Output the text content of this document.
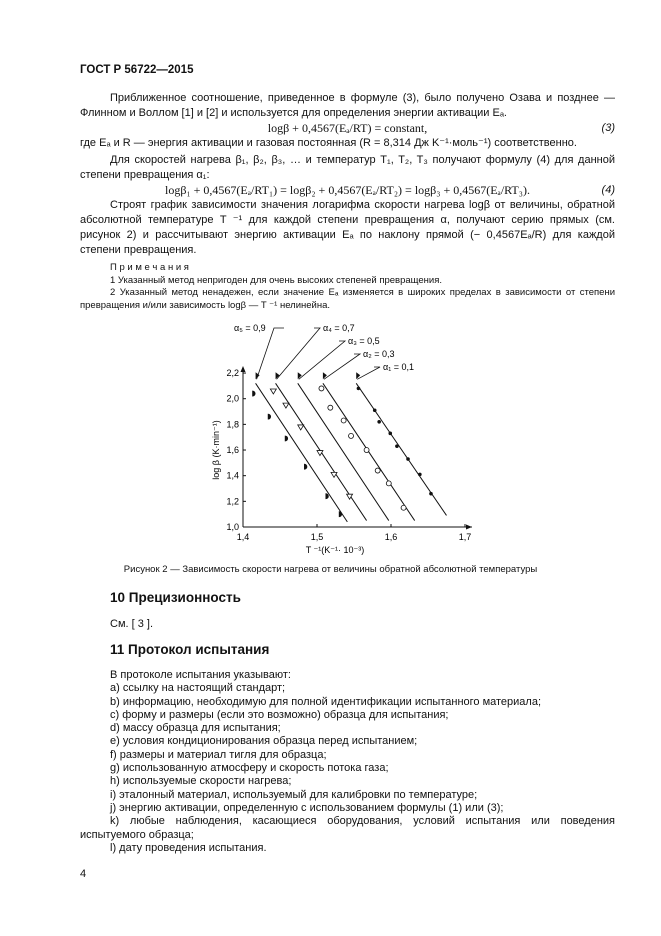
ГОСТ Р 56722—2015
Приближенное соотношение, приведенное в формуле (3), было получено Озава и позднее — Флинном и Воллом [1] и [2] и используется для определения энергии активации Eₐ.
logβ + 0,4567(Eₐ/RT) = constant,	(3)
где Eₐ и R — энергия активации и газовая постоянная (R = 8,314 Дж K⁻¹·моль⁻¹) соответственно.
Для скоростей нагрева β₁, β₂, β₃, … и температур T₁, T₂, T₃ получают формулу (4) для данной степени превращения α₁:
logβ₁ + 0,4567(Eₐ/RT₁) = logβ₂ + 0,4567(Eₐ/RT₂) = logβ₃ + 0,4567(Eₐ/RT₃).	(4)
Строят график зависимости значения логарифма скорости нагрева logβ от величины, обратной абсолютной температуре T ⁻¹ для каждой степени превращения α, получают серию прямых (см. рисунок 2) и рассчитывают энергию активации Eₐ по наклону прямой (− 0,4567Eₐ/R) для каждой степени превращения.
П р и м е ч а н и я
1 Указанный метод непригоден для очень высоких степеней превращения.
2 Указанный метод ненадежен, если значение Eₐ изменяется в широких пределах в зависимости от степени превращения и/или зависимость logβ — T ⁻¹ нелинейна.
1,4	1,5	1,6	1,7
1,0
1,2
1,4
1,6
1,8
2,0
2,2
T ⁻¹(K⁻¹· 10⁻³)
log β (K·min⁻¹)
α₁ = 0,1
α₂ = 0,3
α₃ = 0,5
α₄ = 0,7
α₅ = 0,9
Рисунок 2 — Зависимость скорости нагрева от величины обратной абсолютной температуры
10 Прецизионность
См. [ 3 ].
11 Протокол испытания
В протоколе испытания указывают:
a) ссылку на настоящий стандарт;
b) информацию, необходимую для полной идентификации испытанного материала;
c) форму и размеры (если это возможно) образца для испытания;
d) массу образца для испытания;
e) условия кондиционирования образца перед испытанием;
f) размеры и материал тигля для образца;
g) использованную атмосферу и скорость потока газа;
h) используемые скорости нагрева;
i) эталонный материал, используемый для калибровки по температуре;
j) энергию активации, определенную с использованием формулы (1) или (3);
k) любые наблюдения, касающиеся оборудования, условий испытания или поведения испытуемого образца;
l) дату проведения испытания.
4
